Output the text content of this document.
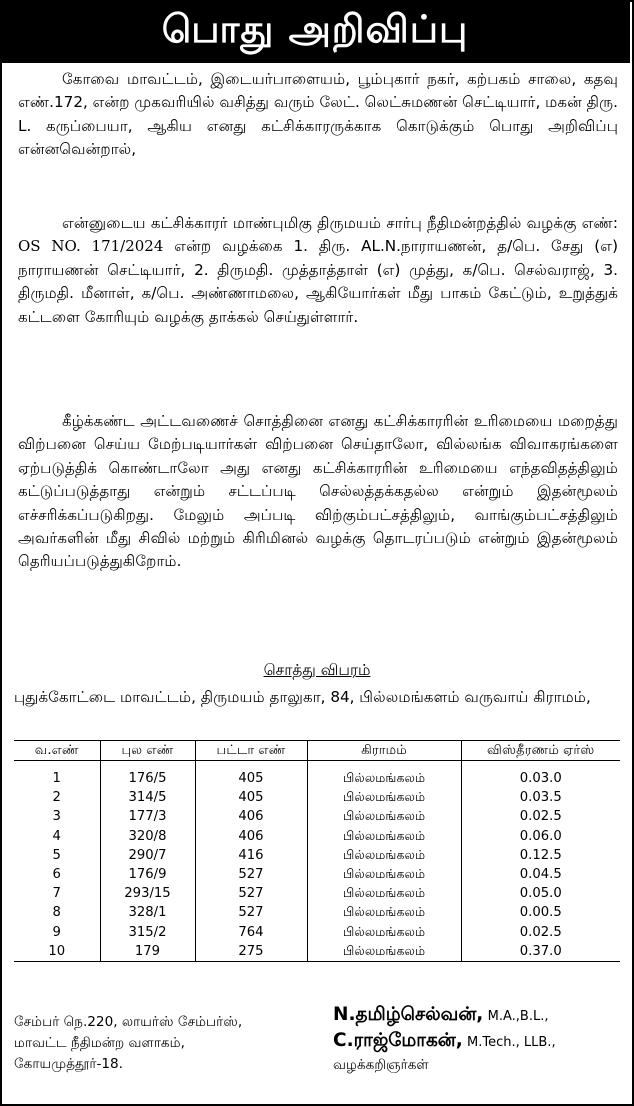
பொது அறிவிப்பு

கோவை மாவட்டம், இடையர்பாளையம், பூம்புகார் நகர், கற்பகம் சாலை, கதவு எண்.172, என்ற முகவரியில் வசித்து வரும் லேட். லெட்சுமணன் செட்டியார், மகன் திரு. L. கருப்பையா, ஆகிய எனது கட்சிக்காரருக்காக கொடுக்கும் பொது அறிவிப்பு என்னவென்றால்,

என்னுடைய கட்சிக்காரர் மாண்புமிகு திருமயம் சார்பு நீதிமன்றத்தில் வழக்கு எண்: OS NO. 171/2024 என்ற வழக்கை 1. திரு. AL.N.நாராயணன், த/பெ. சேது (எ) நாராயணன் செட்டியார், 2. திருமதி. முத்தாத்தாள் (எ) முத்து, க/பெ. செல்வராஜ், 3. திருமதி. மீனாள், க/பெ. அண்ணாமலை, ஆகியோர்கள் மீது பாகம் கேட்டும், உறுத்துக் கட்டளை கோரியும் வழக்கு தாக்கல் செய்துள்ளார்.

கீழ்க்கண்ட அட்டவணைச் சொத்தினை எனது கட்சிக்காரரின் உரிமையை மறைத்து விற்பனை செய்ய மேற்படியார்கள் விற்பனை செய்தாலோ, வில்லங்க விவாகரங்களை ஏற்படுத்திக் கொண்டாலோ அது எனது கட்சிக்காரரின் உரிமையை எந்தவிதத்திலும் கட்டுப்படுத்தாது என்றும் சட்டப்படி செல்லத்தக்கதல்ல என்றும் இதன்மூலம் எச்சரிக்கப்படுகிறது. மேலும் அப்படி விற்கும்பட்சத்திலும், வாங்கும்பட்சத்திலும் அவர்களின் மீது சிவில் மற்றும் கிரிமினல் வழக்கு தொடரப்படும் என்றும் இதன்மூலம் தெரியப்படுத்துகிறோம்.

சொத்து விபரம்

புதுக்கோட்டை மாவட்டம், திருமயம் தாலுகா, 84, பில்லமங்களம் வருவாய் கிராமம்,

வ.எண்	புல எண்	பட்டா எண்	கிராமம்	விஸ்தீரணம் ஏர்ஸ்
1	176/5	405	பில்லமங்கலம்	0.03.0
2	314/5	405	பில்லமங்கலம்	0.03.5
3	177/3	406	பில்லமங்கலம்	0.02.5
4	320/8	406	பில்லமங்கலம்	0.06.0
5	290/7	416	பில்லமங்கலம்	0.12.5
6	176/9	527	பில்லமங்கலம்	0.04.5
7	293/15	527	பில்லமங்கலம்	0.05.0
8	328/1	527	பில்லமங்கலம்	0.00.5
9	315/2	764	பில்லமங்கலம்	0.02.5
10	179	275	பில்லமங்கலம்	0.37.0
சேம்பர் நெ.220, லாயர்ஸ் சேம்பர்ஸ்,
மாவட்ட நீதிமன்ற வளாகம்,
கோயமுத்தூர்-18.
N.தமிழ்செல்வன், M.A.,B.L.,
C.ராஜ்மோகன், M.Tech., LLB.,
வழக்கறிஞர்கள்
